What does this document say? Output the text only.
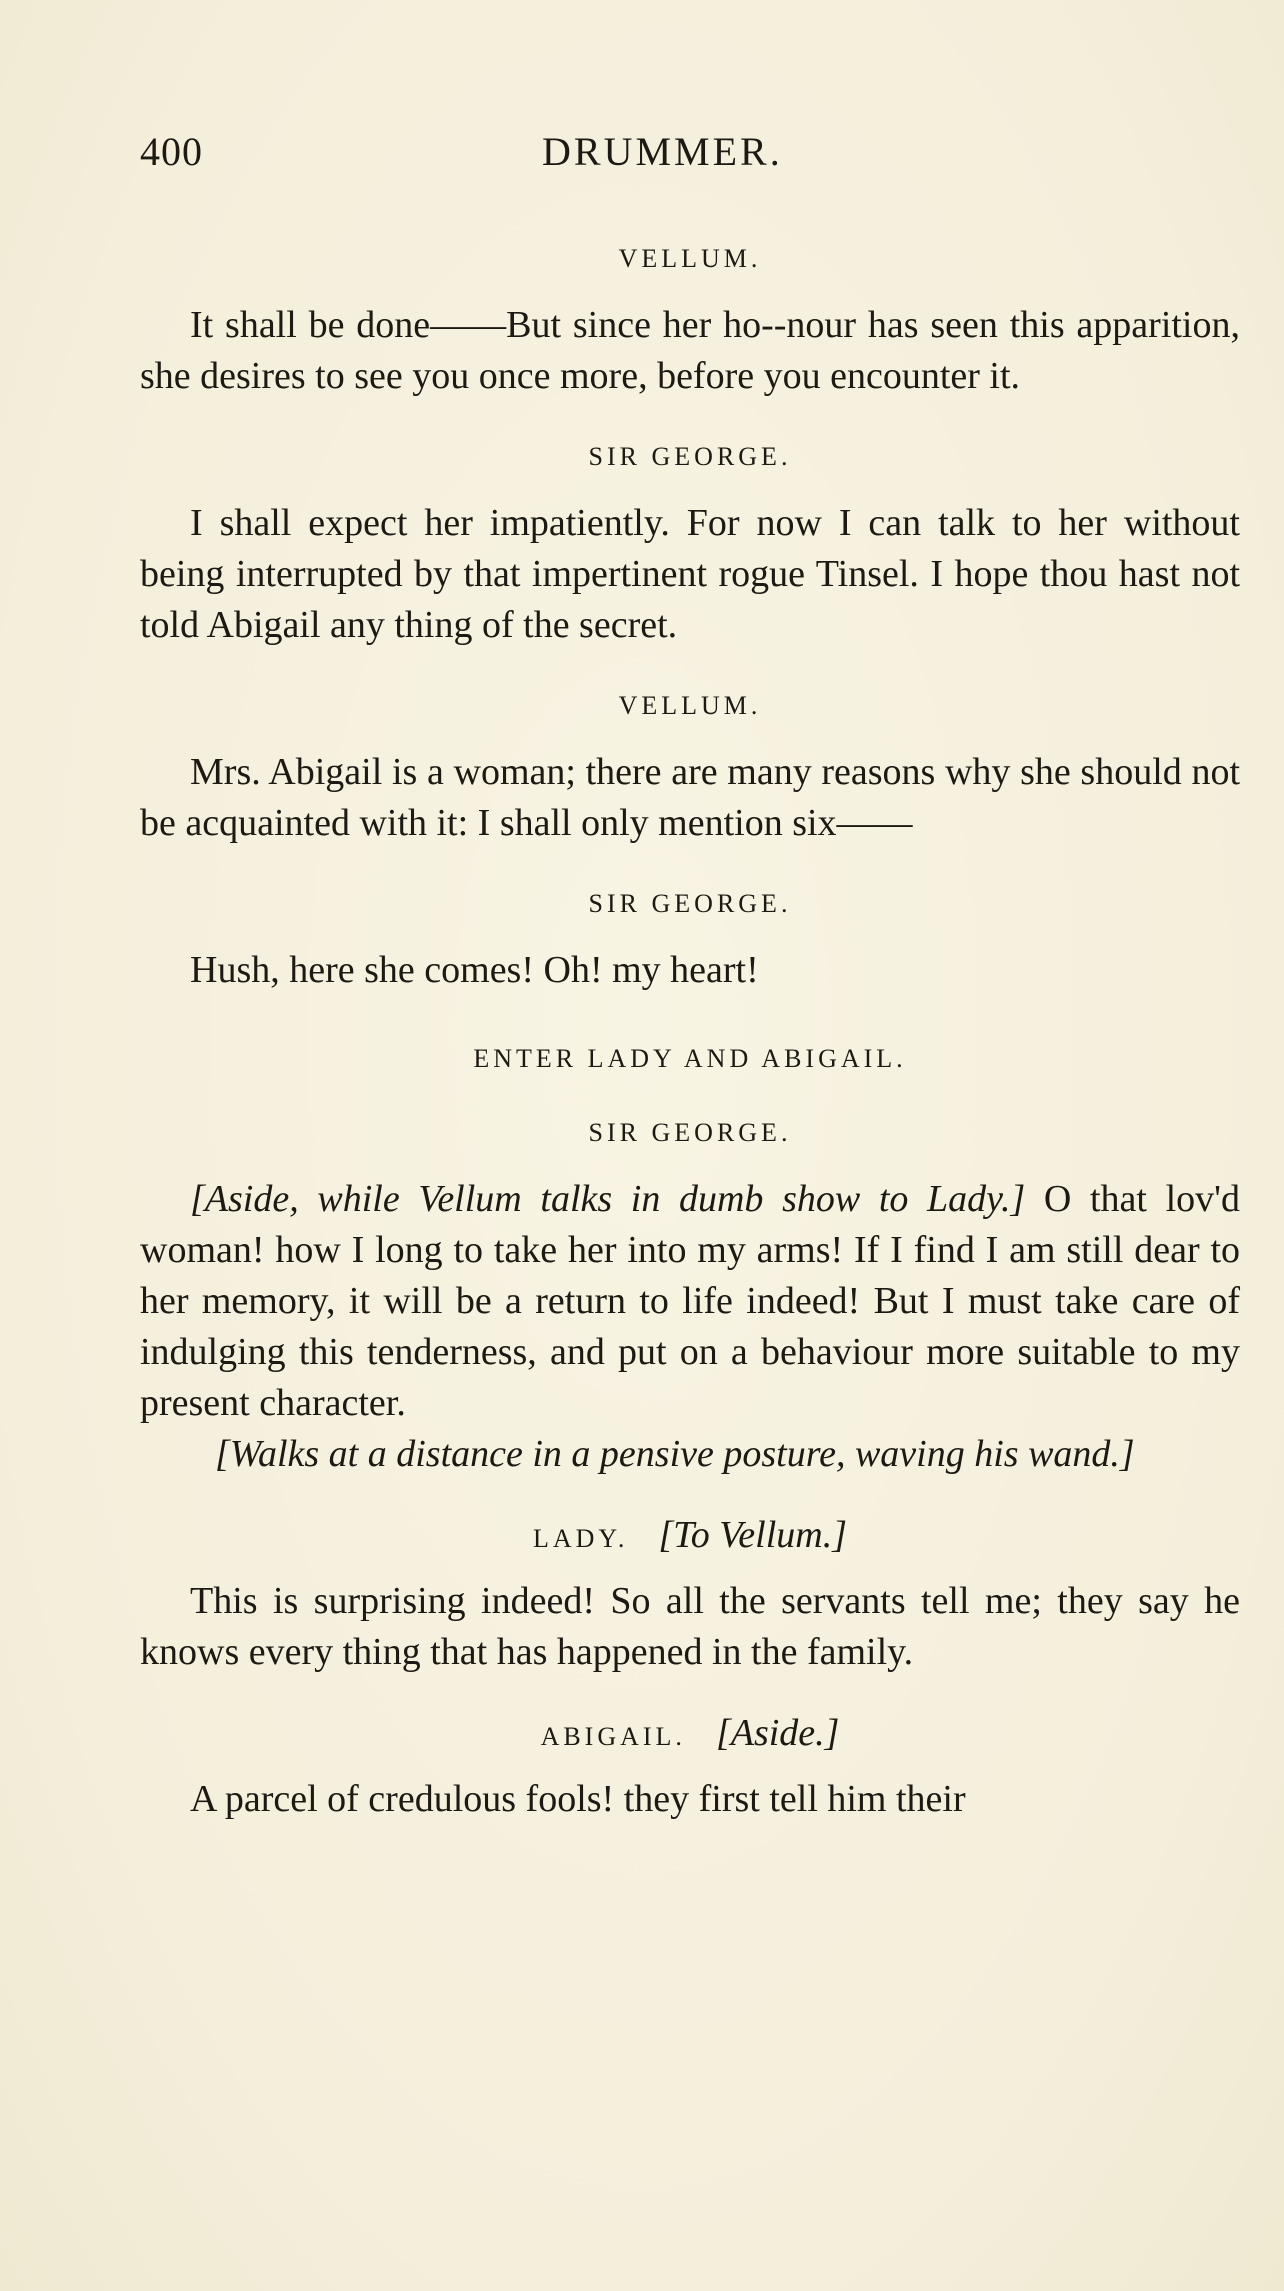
400	DRUMMER.

VELLUM.

It shall be done——But since her ho--nour has seen this apparition, she desires to see you once more, before you encounter it.

SIR GEORGE.

I shall expect her impatiently. For now I can talk to her without being interrupted by that impertinent rogue Tinsel. I hope thou hast not told Abigail any thing of the secret.

VELLUM.

Mrs. Abigail is a woman; there are many reasons why she should not be acquainted with it: I shall only mention six——

SIR GEORGE.

Hush, here she comes! Oh! my heart!

ENTER LADY AND ABIGAIL.

SIR GEORGE.

[Aside, while Vellum talks in dumb show to Lady.] O that lov'd woman! how I long to take her into my arms! If I find I am still dear to her memory, it will be a return to life indeed! But I must take care of indulging this tenderness, and put on a behaviour more suitable to my present character.

[Walks at a distance in a pensive posture, waving his wand.]

LADY. [To Vellum.]

This is surprising indeed! So all the servants tell me; they say he knows every thing that has happened in the family.

ABIGAIL. [Aside.]

A parcel of credulous fools! they first tell him their
